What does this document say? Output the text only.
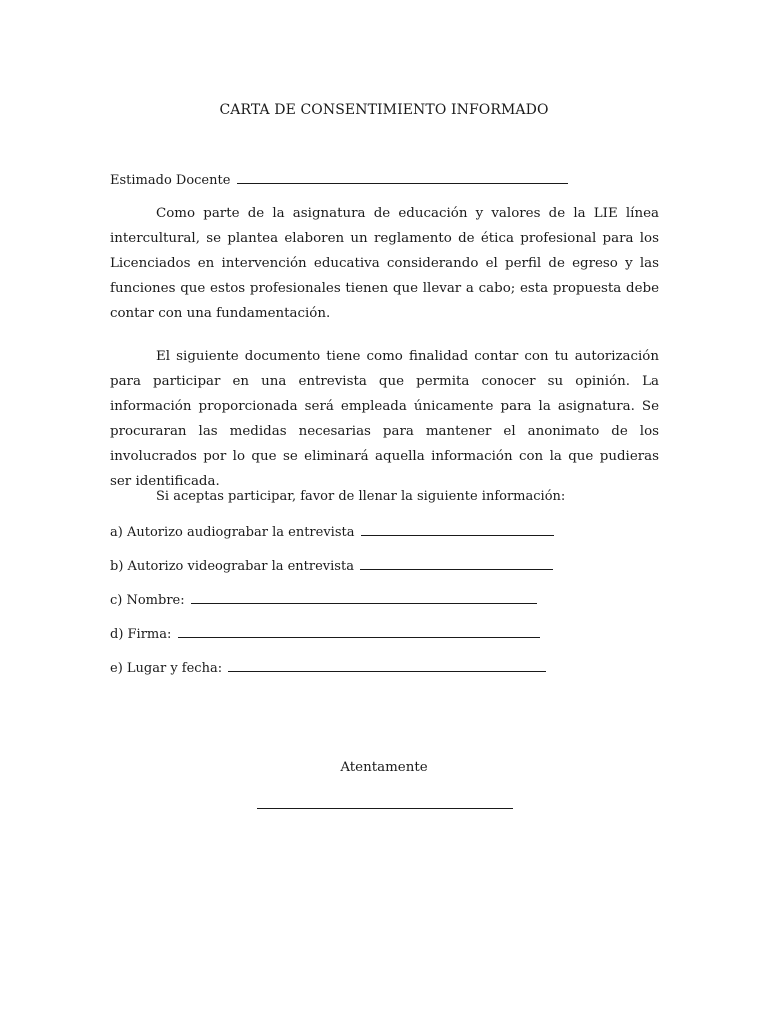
CARTA DE CONSENTIMIENTO INFORMADO
Estimado Docente

Como parte de la asignatura de educación y valores de la LIE línea intercultural, se plantea elaboren un reglamento de ética profesional para los Licenciados en intervención educativa considerando el perfil de egreso y las funciones que estos profesionales tienen que llevar a cabo; esta propuesta debe contar con una fundamentación.

El siguiente documento tiene como finalidad contar con tu autorización para participar en una entrevista que permita conocer su opinión. La información proporcionada será empleada únicamente para la asignatura. Se procuraran las medidas necesarias para mantener el anonimato de los involucrados por lo que se eliminará aquella información con la que pudieras ser identificada.

Si aceptas participar, favor de llenar la siguiente información:
a) Autorizo audiograbar la entrevista
b) Autorizo videograbar la entrevista
c) Nombre:
d) Firma:
e) Lugar y fecha:
Atentamente
